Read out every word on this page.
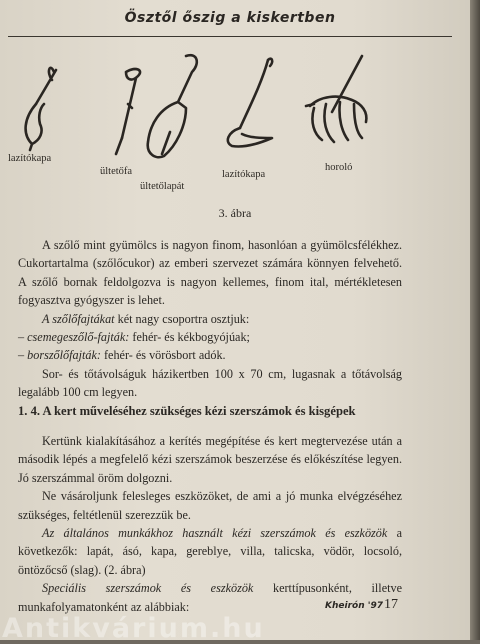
Ösztől őszig a kiskertben
lazítókapa
ültetőfa
ültetőlapát
lazítókapa
horoló
3. ábra

A szőlő mint gyümölcs is nagyon finom, hasonlóan a gyümölcsfélékhez. Cukortartalma (szőlőcukor) az emberi szervezet számára könnyen felvehető. A szőlő bornak feldolgozva is nagyon kellemes, finom ital, mértékletesen fogyasztva gyógyszer is lehet.

A szőlőfajtákat két nagy csoportra osztjuk:

– csemegeszőlő-fajták: fehér- és kékbogyójúak;

– borszőlőfajták: fehér- és vörösbort adók.

Sor- és tőtávolságuk házikertben 100 x 70 cm, lugasnak a tőtávolság legalább 100 cm legyen.

1. 4. A kert műveléséhez szükséges kézi szerszámok és kisgépek

Kertünk kialakításához a kerítés megépítése és kert megtervezése után a második lépés a megfelelő kézi szerszámok beszerzése és előkészítése legyen. Jó szerszámmal öröm dolgozni.

Ne vásároljunk felesleges eszközöket, de ami a jó munka elvégzéséhez szükséges, feltétlenül szerezzük be.

Az általános munkákhoz használt kézi szerszámok és eszközök a következők: lapát, ásó, kapa, gereblye, villa, talicska, vödör, locsoló, öntözőcső (slag). (2. ábra)

Speciális szerszámok és eszközök kerttípusonként, illetve munkafolyamatonként az alábbiak:	Kheirón '97 17
Antikvárium.hu
